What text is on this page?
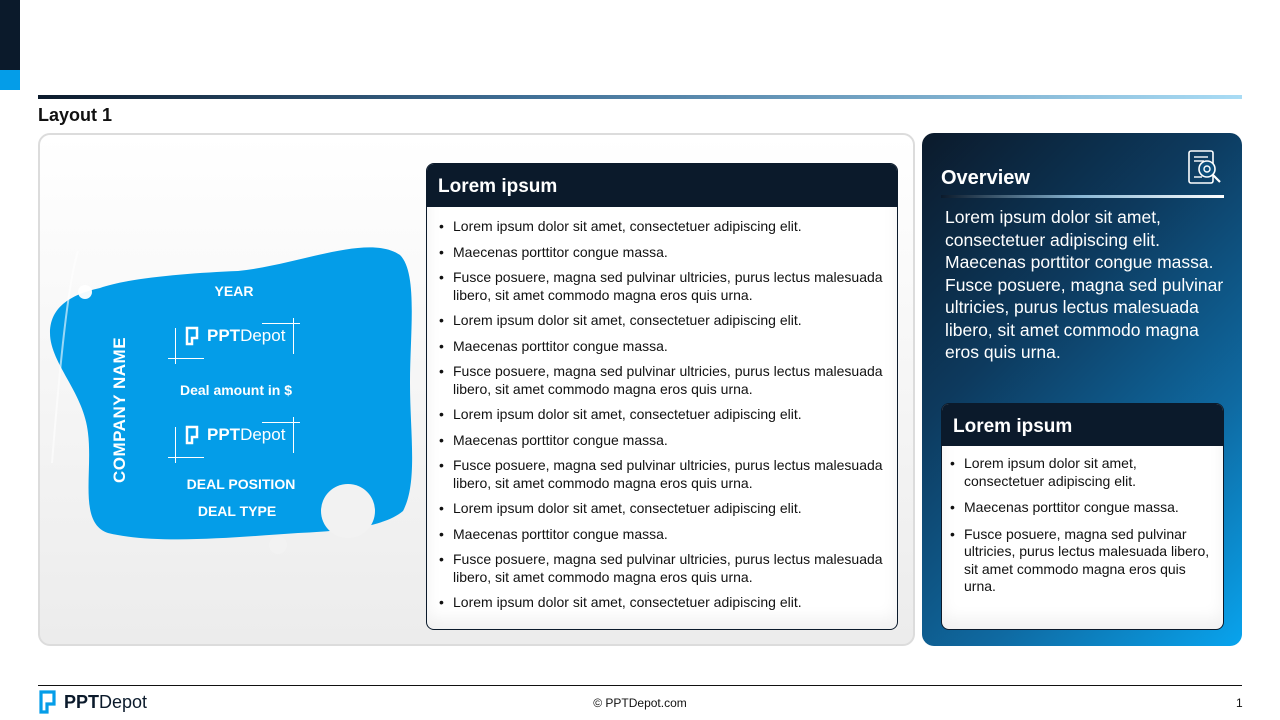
Layout 1
COMPANY NAME
YEAR
PPT Depot
Deal amount in $
PPT Depot
DEAL POSITION
DEAL TYPE
Lorem ipsum
• Lorem ipsum dolor sit amet, consectetuer adipiscing elit.
• Maecenas porttitor congue massa.
• Fusce posuere, magna sed pulvinar ultricies, purus lectus malesuada libero, sit amet commodo magna eros quis urna.
• Lorem ipsum dolor sit amet, consectetuer adipiscing elit.
• Maecenas porttitor congue massa.
• Fusce posuere, magna sed pulvinar ultricies, purus lectus malesuada libero, sit amet commodo magna eros quis urna.
• Lorem ipsum dolor sit amet, consectetuer adipiscing elit.
• Maecenas porttitor congue massa.
• Fusce posuere, magna sed pulvinar ultricies, purus lectus malesuada libero, sit amet commodo magna eros quis urna.
• Lorem ipsum dolor sit amet, consectetuer adipiscing elit.
• Maecenas porttitor congue massa.
• Fusce posuere, magna sed pulvinar ultricies, purus lectus malesuada libero, sit amet commodo magna eros quis urna.
• Lorem ipsum dolor sit amet, consectetuer adipiscing elit.
Overview
Lorem ipsum dolor sit amet, consectetuer adipiscing elit. Maecenas porttitor congue massa. Fusce posuere, magna sed pulvinar ultricies, purus lectus malesuada libero, sit amet commodo magna eros quis urna.
Lorem ipsum
• Lorem ipsum dolor sit amet, consectetuer adipiscing elit.
• Maecenas porttitor congue massa.
• Fusce posuere, magna sed pulvinar ultricies, purus lectus malesuada libero, sit amet commodo magna eros quis urna.
PPT Depot	© PPTDepot.com	1
